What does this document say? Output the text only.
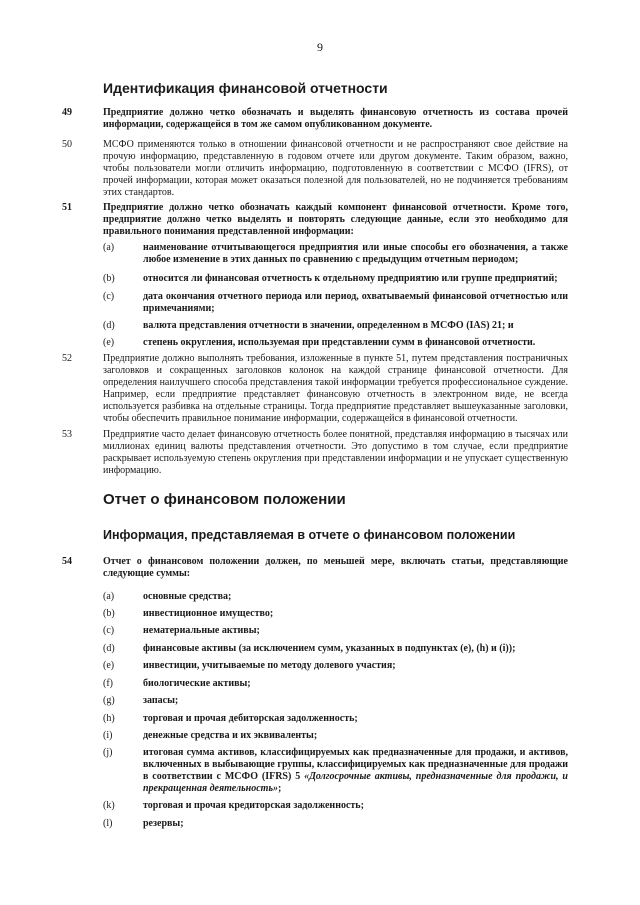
9
Идентификация финансовой отчетности
49	Предприятие должно четко обозначать и выделять финансовую отчетность из состава прочей информации, содержащейся в том же самом опубликованном документе.
50	МСФО применяются только в отношении финансовой отчетности и не распространяют свое действие на прочую информацию, представленную в годовом отчете или другом документе. Таким образом, важно, чтобы пользователи могли отличить информацию, подготовленную в соответствии с МСФО (IFRS), от прочей информации, которая может оказаться полезной для пользователей, но не подчиняется требованиям этих стандартов.
51	Предприятие должно четко обозначать каждый компонент финансовой отчетности. Кроме того, предприятие должно четко выделять и повторять следующие данные, если это необходимо для правильного понимания представленной информации:
(a)	наименование отчитывающегося предприятия или иные способы его обозначения, а также любое изменение в этих данных по сравнению с предыдущим отчетным периодом;
(b)	относится ли финансовая отчетность к отдельному предприятию или группе предприятий;
(c)	дата окончания отчетного периода или период, охватываемый финансовой отчетностью или примечаниями;
(d)	валюта представления отчетности в значении, определенном в МСФО (IAS) 21; и
(e)	степень округления, используемая при представлении сумм в финансовой отчетности.
52	Предприятие должно выполнять требования, изложенные в пункте 51, путем представления постраничных заголовков и сокращенных заголовков колонок на каждой странице финансовой отчетности. Для определения наилучшего способа представления такой информации требуется профессиональное суждение. Например, если предприятие представляет финансовую отчетность в электронном виде, не всегда используется разбивка на отдельные страницы. Тогда предприятие представляет вышеуказанные заголовки, чтобы обеспечить правильное понимание информации, содержащейся в финансовой отчетности.
53	Предприятие часто делает финансовую отчетность более понятной, представляя информацию в тысячах или миллионах единиц валюты представления отчетности. Это допустимо в том случае, если предприятие раскрывает используемую степень округления при представлении информации и не упускает существенную информацию.
Отчет о финансовом положении
Информация, представляемая в отчете о финансовом положении
54	Отчет о финансовом положении должен, по меньшей мере, включать статьи, представляющие следующие суммы:
(a)	основные средства;
(b)	инвестиционное имущество;
(c)	нематериальные активы;
(d)	финансовые активы (за исключением сумм, указанных в подпунктах (e), (h) и (i));
(e)	инвестиции, учитываемые по методу долевого участия;
(f)	биологические активы;
(g)	запасы;
(h)	торговая и прочая дебиторская задолженность;
(i)	денежные средства и их эквиваленты;
(j)	итоговая сумма активов, классифицируемых как предназначенные для продажи, и активов, включенных в выбывающие группы, классифицируемых как предназначенные для продажи в соответствии с МСФО (IFRS) 5 «Долгосрочные активы, предназначенные для продажи, и прекращенная деятельность»;
(k)	торговая и прочая кредиторская задолженность;
(l)	резервы;
